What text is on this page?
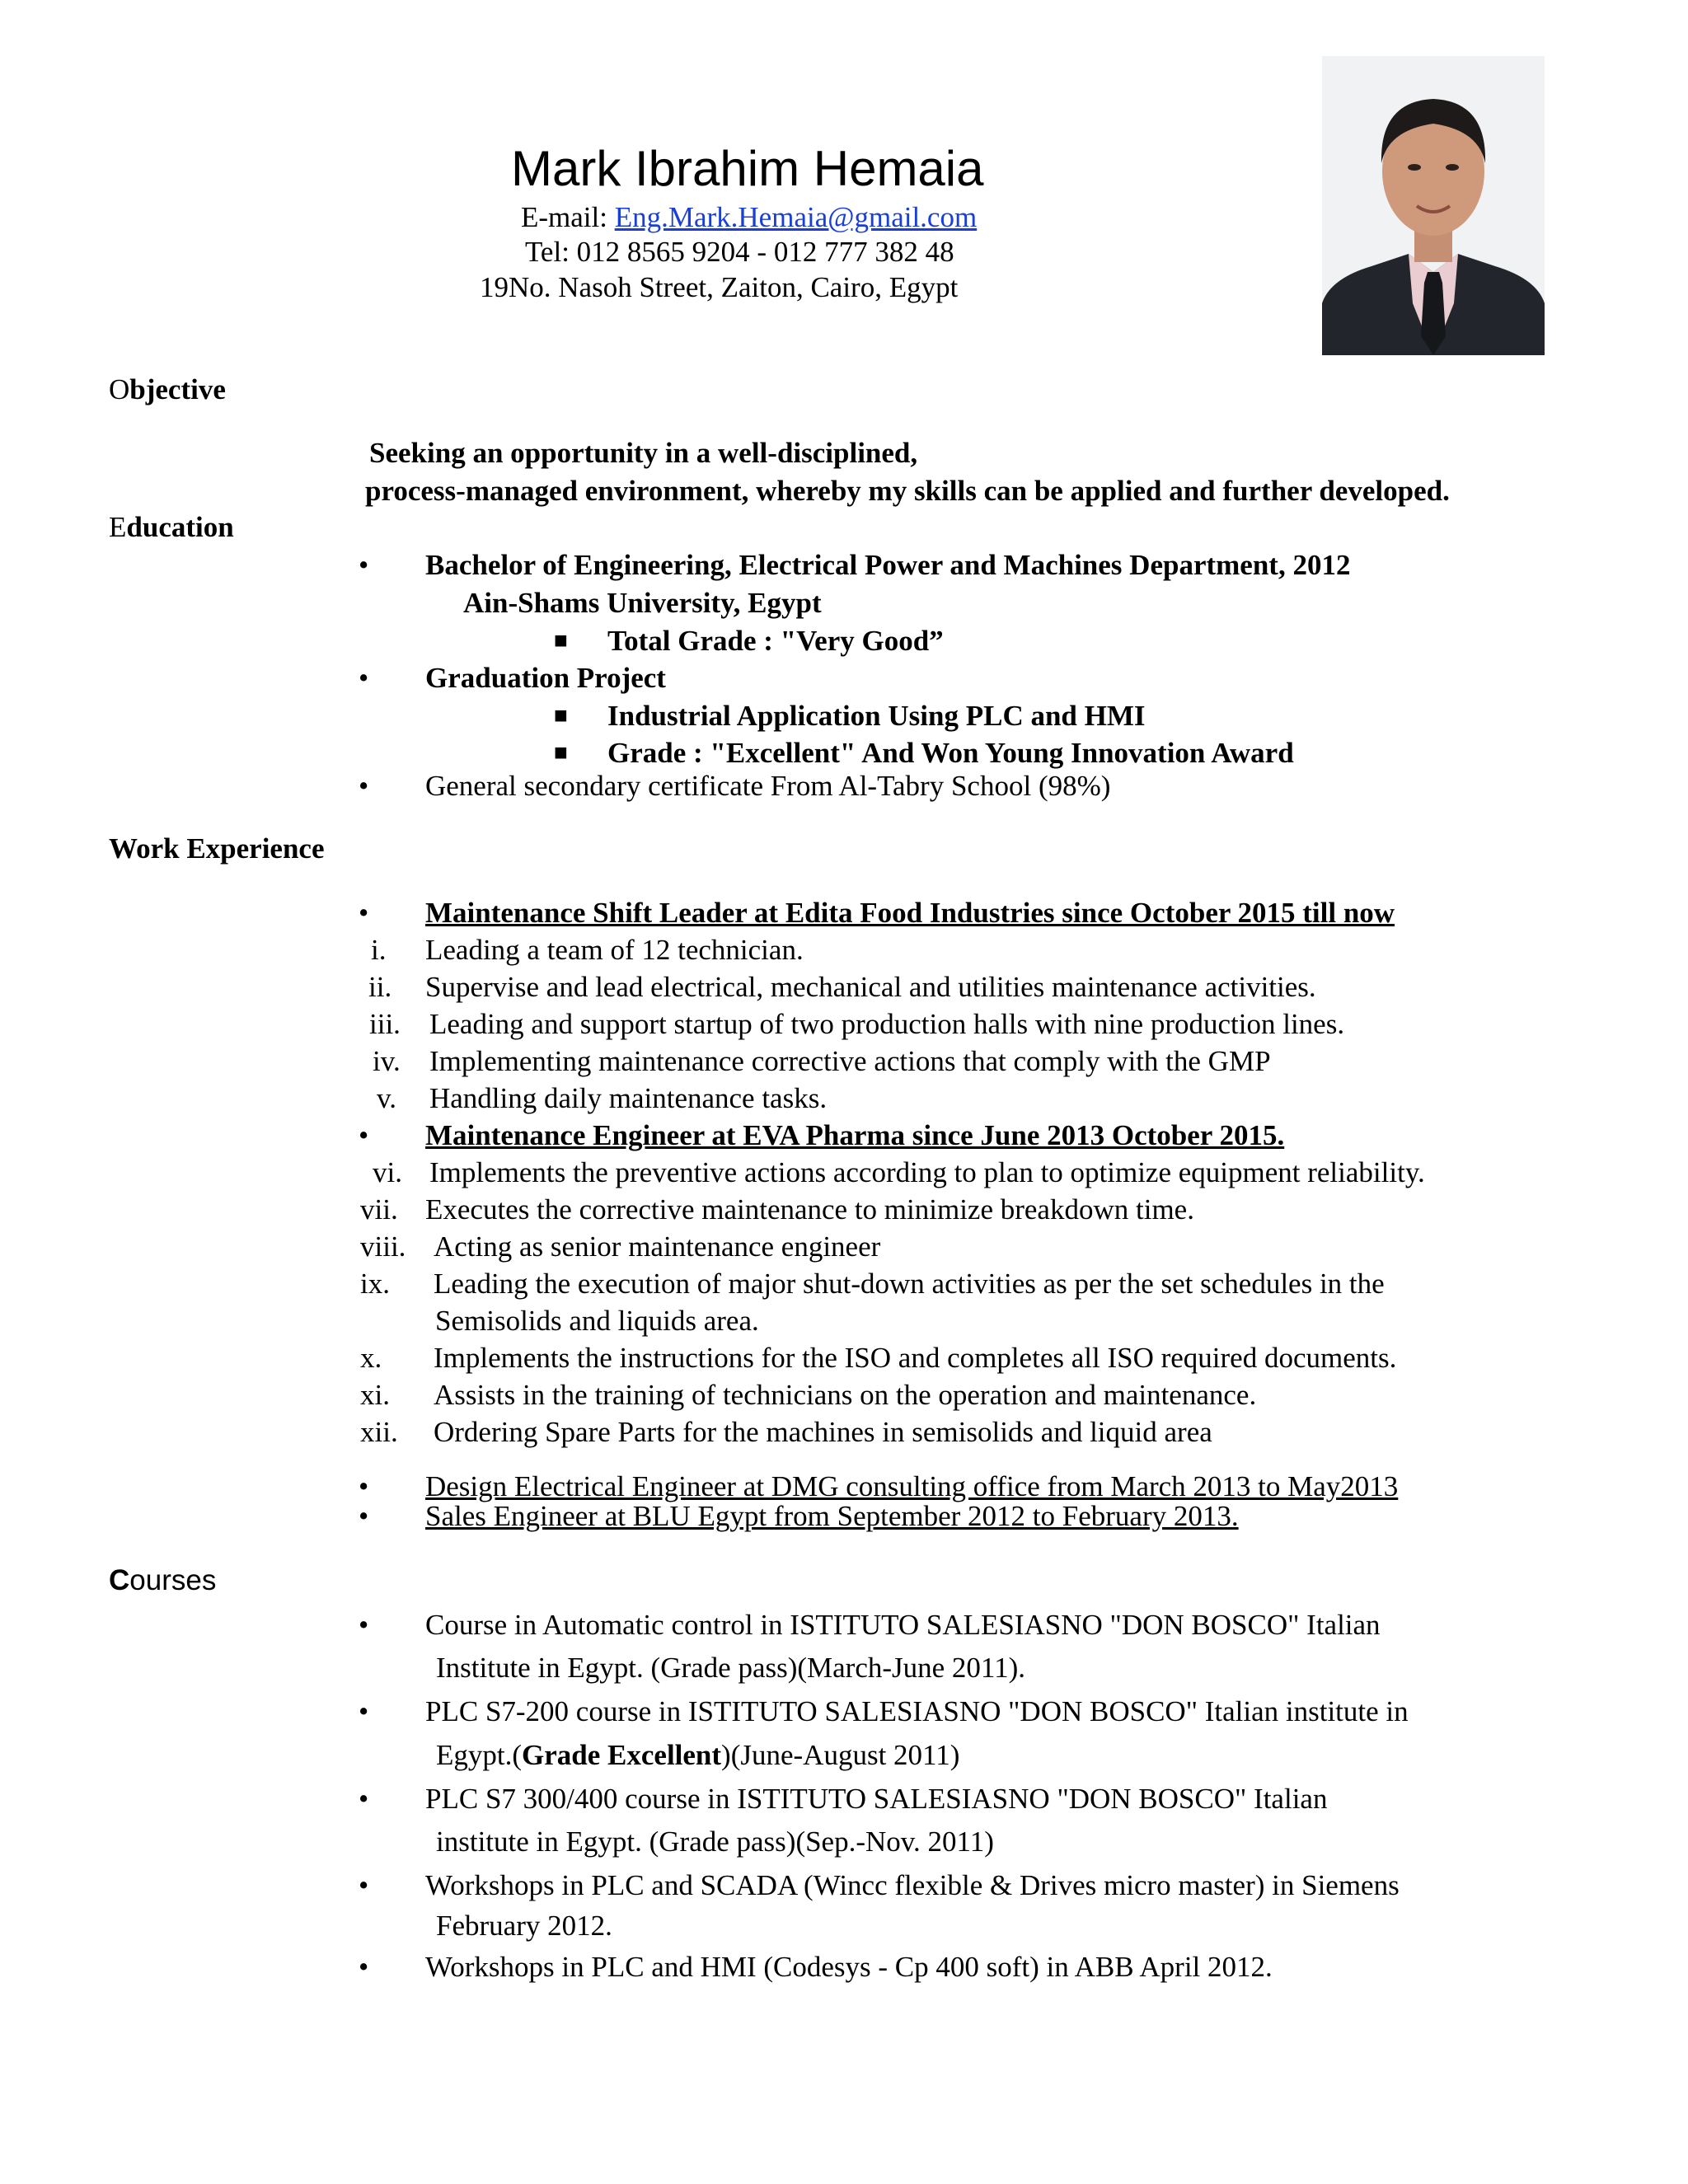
Mark Ibrahim Hemaia
E-mail: Eng.Mark.Hemaia@gmail.com
Tel: 012 8565 9204 - 012 777 382 48
19No. Nasoh Street, Zaiton, Cairo, Egypt
Objective
Seeking an opportunity in a well-disciplined,
process-managed environment, whereby my skills can be applied and further developed.
Education
• Bachelor of Engineering, Electrical Power and Machines Department, 2012
Ain-Shams University, Egypt
■ Total Grade : "Very Good”
• Graduation Project
■ Industrial Application Using PLC and HMI
■ Grade : "Excellent" And Won Young Innovation Award
• General secondary certificate From Al-Tabry School (98%)
Work Experience
• Maintenance Shift Leader at Edita Food Industries since October 2015 till now
i. Leading a team of 12 technician.
ii. Supervise and lead electrical, mechanical and utilities maintenance activities.
iii. Leading and support startup of two production halls with nine production lines.
iv. Implementing maintenance corrective actions that comply with the GMP
v. Handling daily maintenance tasks.
• Maintenance Engineer at EVA Pharma since June 2013 October 2015.
vi. Implements the preventive actions according to plan to optimize equipment reliability.
vii. Executes the corrective maintenance to minimize breakdown time.
viii. Acting as senior maintenance engineer
ix. Leading the execution of major shut-down activities as per the set schedules in the
Semisolids and liquids area.
x. Implements the instructions for the ISO and completes all ISO required documents.
xi. Assists in the training of technicians on the operation and maintenance.
xii. Ordering Spare Parts for the machines in semisolids and liquid area
• Design Electrical Engineer at DMG consulting office from March 2013 to May2013
• Sales Engineer at BLU Egypt from September 2012 to February 2013.
Courses
• Course in Automatic control in ISTITUTO SALESIASNO "DON BOSCO" Italian
Institute in Egypt. (Grade pass)(March-June 2011).
• PLC S7-200 course in ISTITUTO SALESIASNO "DON BOSCO" Italian institute in
Egypt.(Grade Excellent)(June-August 2011)
• PLC S7 300/400 course in ISTITUTO SALESIASNO "DON BOSCO" Italian
institute in Egypt. (Grade pass)(Sep.-Nov. 2011)
• Workshops in PLC and SCADA (Wincc flexible & Drives micro master) in Siemens
February 2012.
• Workshops in PLC and HMI (Codesys - Cp 400 soft) in ABB April 2012.
